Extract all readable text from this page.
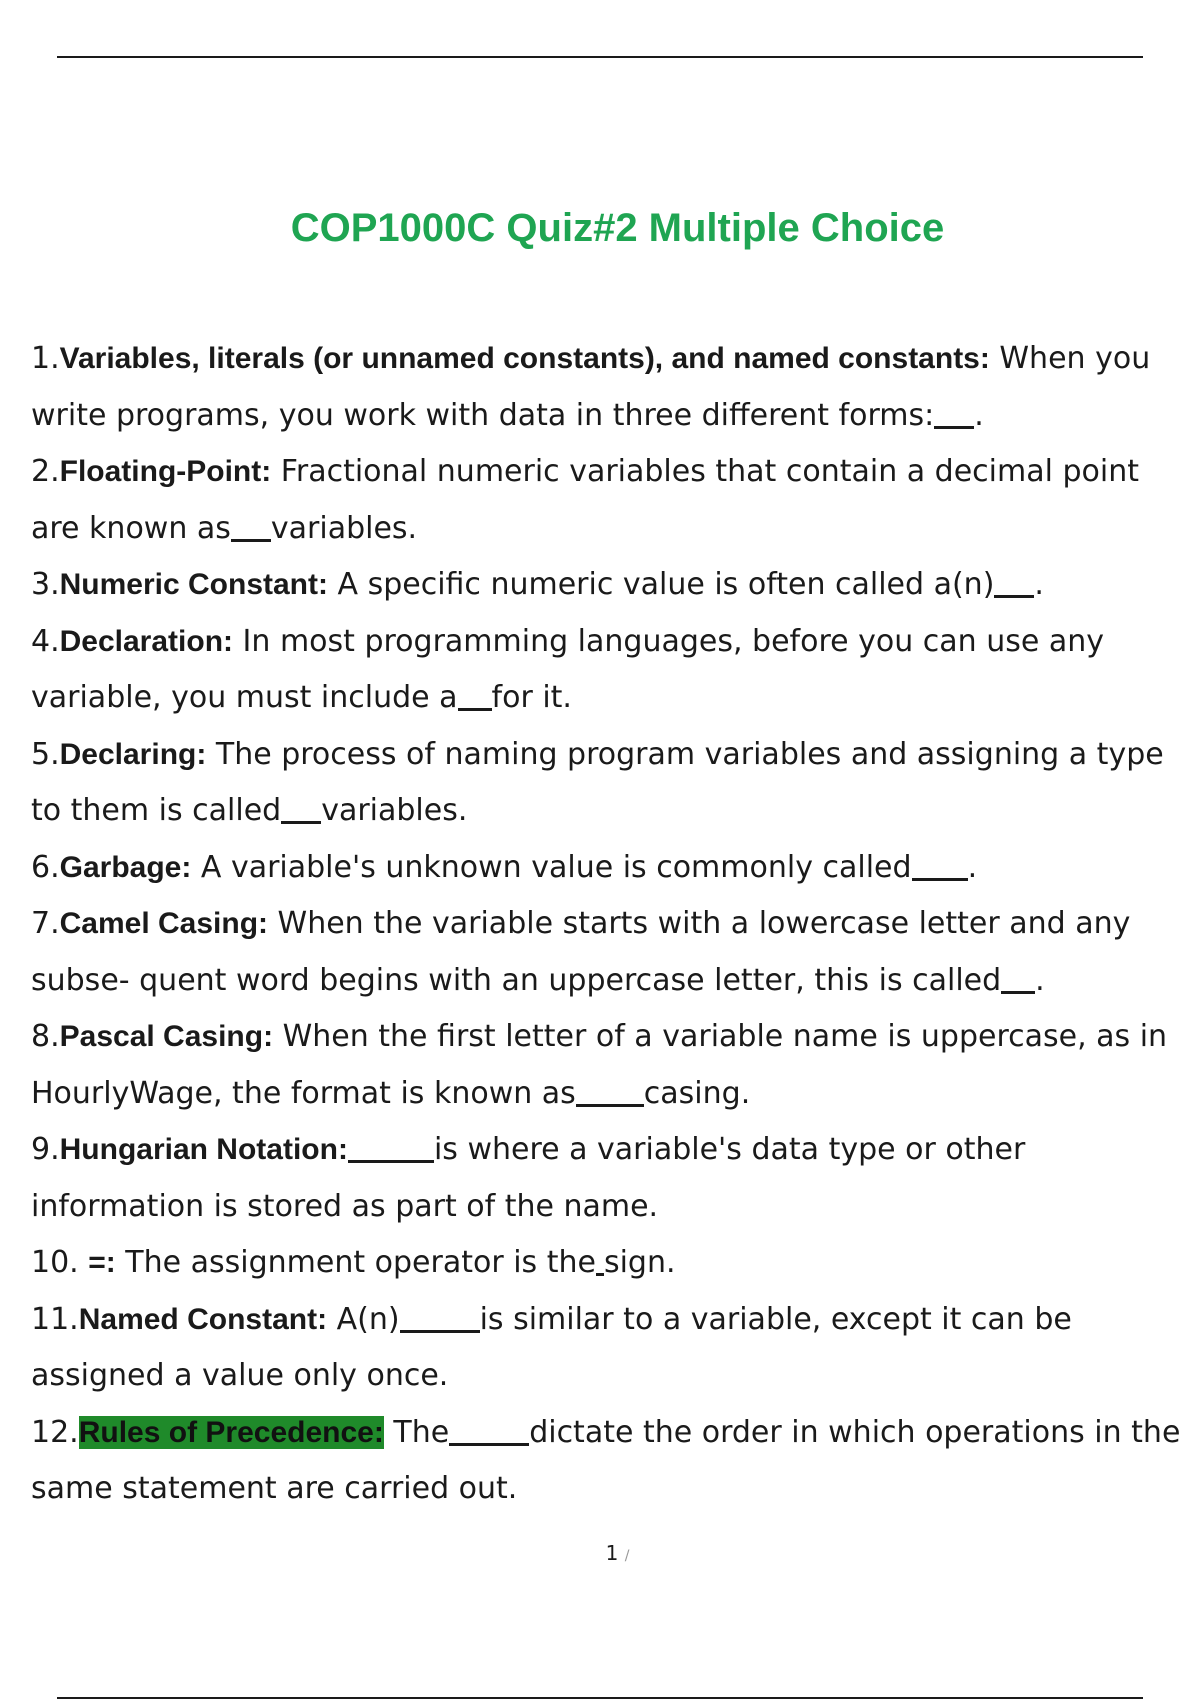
COP1000C Quiz#2 Multiple Choice
1.Variables, literals (or unnamed constants), and named constants: When you write programs, you work with data in three different forms: .
2.Floating-Point: Fractional numeric variables that contain a decimal point are known as variables.
3.Numeric Constant: A specific numeric value is often called a(n) .
4.Declaration: In most programming languages, before you can use any variable, you must include a for it.
5.Declaring: The process of naming program variables and assigning a type to them is called variables.
6.Garbage: A variable's unknown value is commonly called .
7.Camel Casing: When the variable starts with a lowercase letter and any subse- quent word begins with an uppercase letter, this is called .
8.Pascal Casing: When the first letter of a variable name is uppercase, as in HourlyWage, the format is known as casing.
9.Hungarian Notation:	is where a variable's data type or other information is stored as part of the name.
10. =: The assignment operator is the sign.
11.Named Constant: A(n)	is similar to a variable, except it can be assigned a value only once.
12.Rules of Precedence: The	dictate the order in which operations in the same statement are carried out.
1 /
